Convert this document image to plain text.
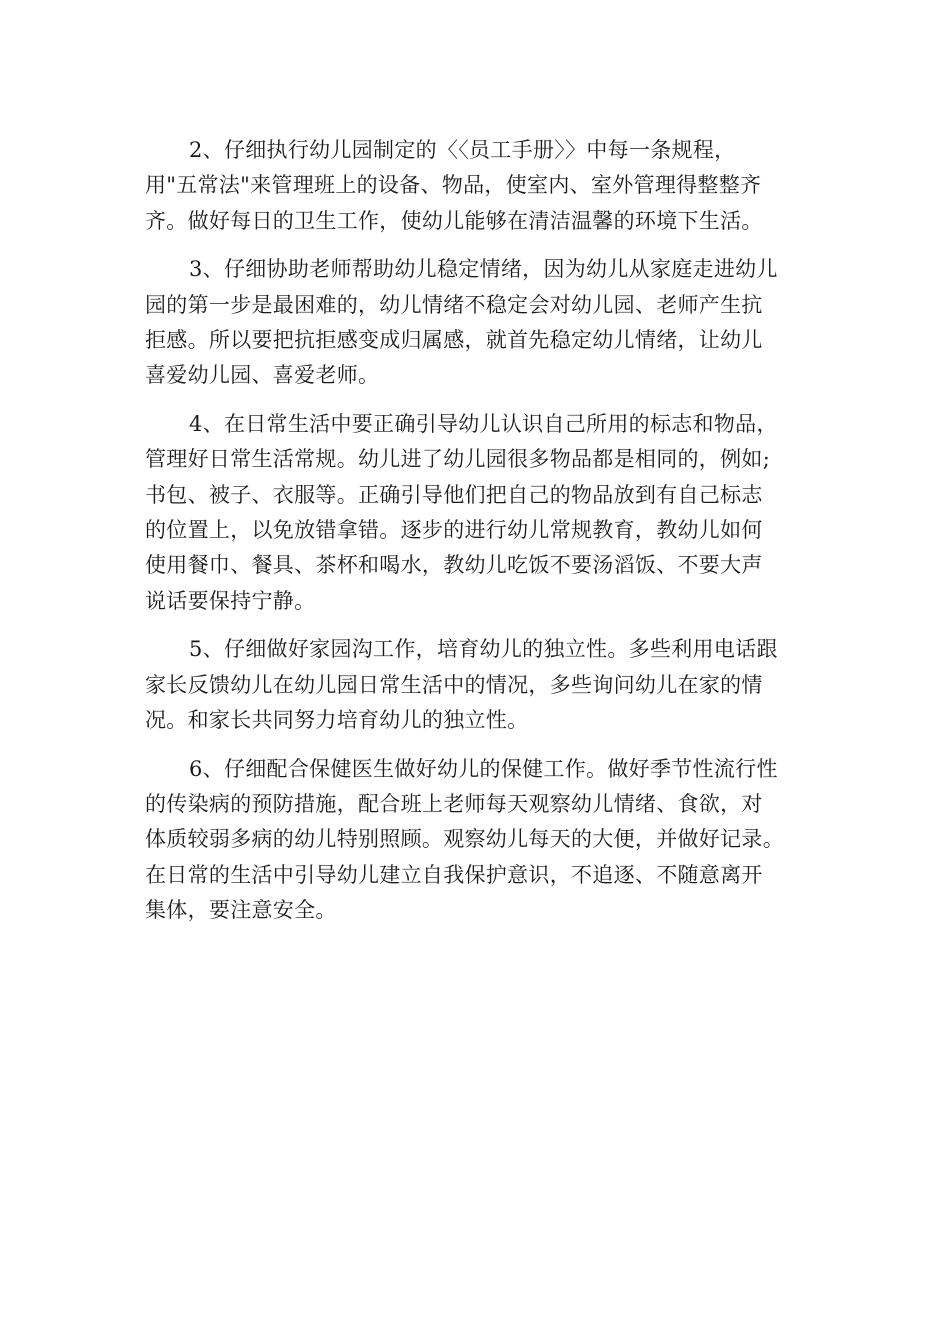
2、仔细执行幼儿园制定的〈〈员工手册〉〉中每一条规程，
用"五常法"来管理班上的设备、物品，使室内、室外管理得整整齐
齐。做好每日的卫生工作，使幼儿能够在清洁温馨的环境下生活。
3、仔细协助老师帮助幼儿稳定情绪，因为幼儿从家庭走进幼儿
园的第一步是最困难的，幼儿情绪不稳定会对幼儿园、老师产生抗
拒感。所以要把抗拒感变成归属感，就首先稳定幼儿情绪，让幼儿
喜爱幼儿园、喜爱老师。
4、在日常生活中要正确引导幼儿认识自己所用的标志和物品，
管理好日常生活常规。幼儿进了幼儿园很多物品都是相同的，例如;
书包、被子、衣服等。正确引导他们把自己的物品放到有自己标志
的位置上，以免放错拿错。逐步的进行幼儿常规教育，教幼儿如何
使用餐巾、餐具、茶杯和喝水，教幼儿吃饭不要汤滔饭、不要大声
说话要保持宁静。
5、仔细做好家园沟工作，培育幼儿的独立性。多些利用电话跟
家长反馈幼儿在幼儿园日常生活中的情况，多些询问幼儿在家的情
况。和家长共同努力培育幼儿的独立性。
6、仔细配合保健医生做好幼儿的保健工作。做好季节性流行性
的传染病的预防措施，配合班上老师每天观察幼儿情绪、食欲，对
体质较弱多病的幼儿特别照顾。观察幼儿每天的大便，并做好记录。
在日常的生活中引导幼儿建立自我保护意识，不追逐、不随意离开
集体，要注意安全。
